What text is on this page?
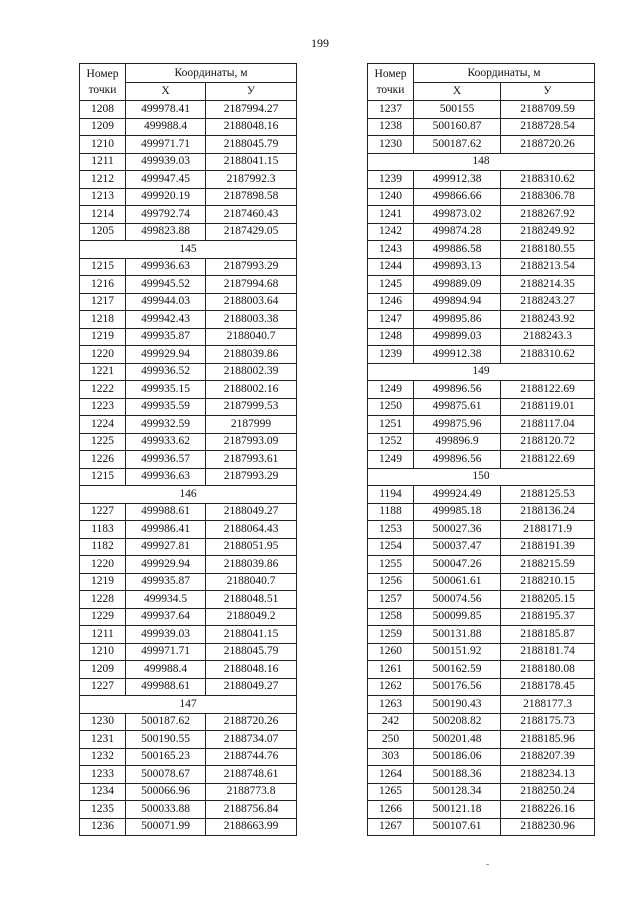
199
Номер
точки	Координаты, м	
	X	У
1208	499978.41	2187994.27
1209	499988.4	2188048.16
1210	499971.71	2188045.79
1211	499939.03	2188041.15
1212	499947.45	2187992.3
1213	499920.19	2187898.58
1214	499792.74	2187460.43
1205	499823.88	2187429.05
145		
1215	499936.63	2187993.29
1216	499945.52	2187994.68
1217	499944.03	2188003.64
1218	499942.43	2188003.38
1219	499935.87	2188040.7
1220	499929.94	2188039.86
1221	499936.52	2188002.39
1222	499935.15	2188002.16
1223	499935.59	2187999.53
1224	499932.59	2187999
1225	499933.62	2187993.09
1226	499936.57	2187993.61
1215	499936.63	2187993.29
146		
1227	499988.61	2188049.27
1183	499986.41	2188064.43
1182	499927.81	2188051.95
1220	499929.94	2188039.86
1219	499935.87	2188040.7
1228	499934.5	2188048.51
1229	499937.64	2188049.2
1211	499939.03	2188041.15
1210	499971.71	2188045.79
1209	499988.4	2188048.16
1227	499988.61	2188049.27
147		
1230	500187.62	2188720.26
1231	500190.55	2188734.07
1232	500165.23	2188744.76
1233	500078.67	2188748.61
1234	500066.96	2188773.8
1235	500033.88	2188756.84
1236	500071.99	2188663.99
Номер
точки	Координаты, м	
	X	У
1237	500155	2188709.59
1238	500160.87	2188728.54
1230	500187.62	2188720.26
148		
1239	499912.38	2188310.62
1240	499866.66	2188306.78
1241	499873.02	2188267.92
1242	499874.28	2188249.92
1243	499886.58	2188180.55
1244	499893.13	2188213.54
1245	499889.09	2188214.35
1246	499894.94	2188243.27
1247	499895.86	2188243.92
1248	499899.03	2188243.3
1239	499912.38	2188310.62
149		
1249	499896.56	2188122.69
1250	499875.61	2188119.01
1251	499875.96	2188117.04
1252	499896.9	2188120.72
1249	499896.56	2188122.69
150		
1194	499924.49	2188125.53
1188	499985.18	2188136.24
1253	500027.36	2188171.9
1254	500037.47	2188191.39
1255	500047.26	2188215.59
1256	500061.61	2188210.15
1257	500074.56	2188205.15
1258	500099.85	2188195.37
1259	500131.88	2188185.87
1260	500151.92	2188181.74
1261	500162.59	2188180.08
1262	500176.56	2188178.45
1263	500190.43	2188177.3
242	500208.82	2188175.73
250	500201.48	2188185.96
303	500186.06	2188207.39
1264	500188.36	2188234.13
1265	500128.34	2188250.24
1266	500121.18	2188226.16
1267	500107.61	2188230.96
